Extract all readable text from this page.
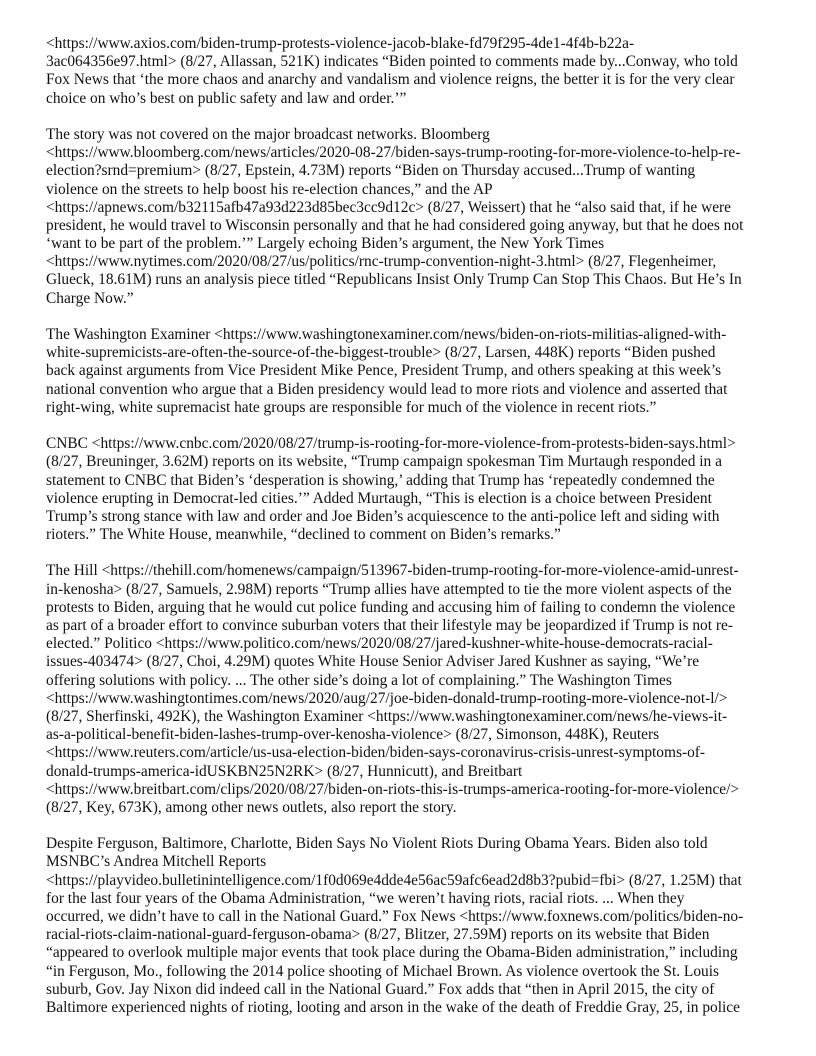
<https://www.axios.com/biden-trump-protests-violence-jacob-blake-fd79f295-4de1-4f4b-b22a-
3ac064356e97.html> (8/27, Allassan, 521K) indicates “Biden pointed to comments made by...Conway, who told
Fox News that ‘the more chaos and anarchy and vandalism and violence reigns, the better it is for the very clear
choice on who’s best on public safety and law and order.’”
The story was not covered on the major broadcast networks. Bloomberg
<https://www.bloomberg.com/news/articles/2020-08-27/biden-says-trump-rooting-for-more-violence-to-help-re-
election?srnd=premium> (8/27, Epstein, 4.73M) reports “Biden on Thursday accused...Trump of wanting
violence on the streets to help boost his re-election chances,” and the AP
<https://apnews.com/b32115afb47a93d223d85bec3cc9d12c> (8/27, Weissert) that he “also said that, if he were
president, he would travel to Wisconsin personally and that he had considered going anyway, but that he does not
‘want to be part of the problem.’” Largely echoing Biden’s argument, the New York Times
<https://www.nytimes.com/2020/08/27/us/politics/rnc-trump-convention-night-3.html> (8/27, Flegenheimer,
Glueck, 18.61M) runs an analysis piece titled “Republicans Insist Only Trump Can Stop This Chaos. But He’s In
Charge Now.”
The Washington Examiner <https://www.washingtonexaminer.com/news/biden-on-riots-militias-aligned-with-
white-supremicists-are-often-the-source-of-the-biggest-trouble> (8/27, Larsen, 448K) reports “Biden pushed
back against arguments from Vice President Mike Pence, President Trump, and others speaking at this week’s
national convention who argue that a Biden presidency would lead to more riots and violence and asserted that
right-wing, white supremacist hate groups are responsible for much of the violence in recent riots.”
CNBC <https://www.cnbc.com/2020/08/27/trump-is-rooting-for-more-violence-from-protests-biden-says.html>
(8/27, Breuninger, 3.62M) reports on its website, “Trump campaign spokesman Tim Murtaugh responded in a
statement to CNBC that Biden’s ‘desperation is showing,’ adding that Trump has ‘repeatedly condemned the
violence erupting in Democrat-led cities.’” Added Murtaugh, “This is election is a choice between President
Trump’s strong stance with law and order and Joe Biden’s acquiescence to the anti-police left and siding with
rioters.” The White House, meanwhile, “declined to comment on Biden’s remarks.”
The Hill <https://thehill.com/homenews/campaign/513967-biden-trump-rooting-for-more-violence-amid-unrest-
in-kenosha> (8/27, Samuels, 2.98M) reports “Trump allies have attempted to tie the more violent aspects of the
protests to Biden, arguing that he would cut police funding and accusing him of failing to condemn the violence
as part of a broader effort to convince suburban voters that their lifestyle may be jeopardized if Trump is not re-
elected.” Politico <https://www.politico.com/news/2020/08/27/jared-kushner-white-house-democrats-racial-
issues-403474> (8/27, Choi, 4.29M) quotes White House Senior Adviser Jared Kushner as saying, “We’re
offering solutions with policy. ... The other side’s doing a lot of complaining.” The Washington Times
<https://www.washingtontimes.com/news/2020/aug/27/joe-biden-donald-trump-rooting-more-violence-not-l/>
(8/27, Sherfinski, 492K), the Washington Examiner <https://www.washingtonexaminer.com/news/he-views-it-
as-a-political-benefit-biden-lashes-trump-over-kenosha-violence> (8/27, Simonson, 448K), Reuters
<https://www.reuters.com/article/us-usa-election-biden/biden-says-coronavirus-crisis-unrest-symptoms-of-
donald-trumps-america-idUSKBN25N2RK> (8/27, Hunnicutt), and Breitbart
<https://www.breitbart.com/clips/2020/08/27/biden-on-riots-this-is-trumps-america-rooting-for-more-violence/>
(8/27, Key, 673K), among other news outlets, also report the story.
Despite Ferguson, Baltimore, Charlotte, Biden Says No Violent Riots During Obama Years. Biden also told
MSNBC’s Andrea Mitchell Reports
<https://playvideo.bulletinintelligence.com/1f0d069e4dde4e56ac59afc6ead2d8b3?pubid=fbi> (8/27, 1.25M) that
for the last four years of the Obama Administration, “we weren’t having riots, racial riots. ... When they
occurred, we didn’t have to call in the National Guard.” Fox News <https://www.foxnews.com/politics/biden-no-
racial-riots-claim-national-guard-ferguson-obama> (8/27, Blitzer, 27.59M) reports on its website that Biden
“appeared to overlook multiple major events that took place during the Obama-Biden administration,” including
“in Ferguson, Mo., following the 2014 police shooting of Michael Brown. As violence overtook the St. Louis
suburb, Gov. Jay Nixon did indeed call in the National Guard.” Fox adds that “then in April 2015, the city of
Baltimore experienced nights of rioting, looting and arson in the wake of the death of Freddie Gray, 25, in police
